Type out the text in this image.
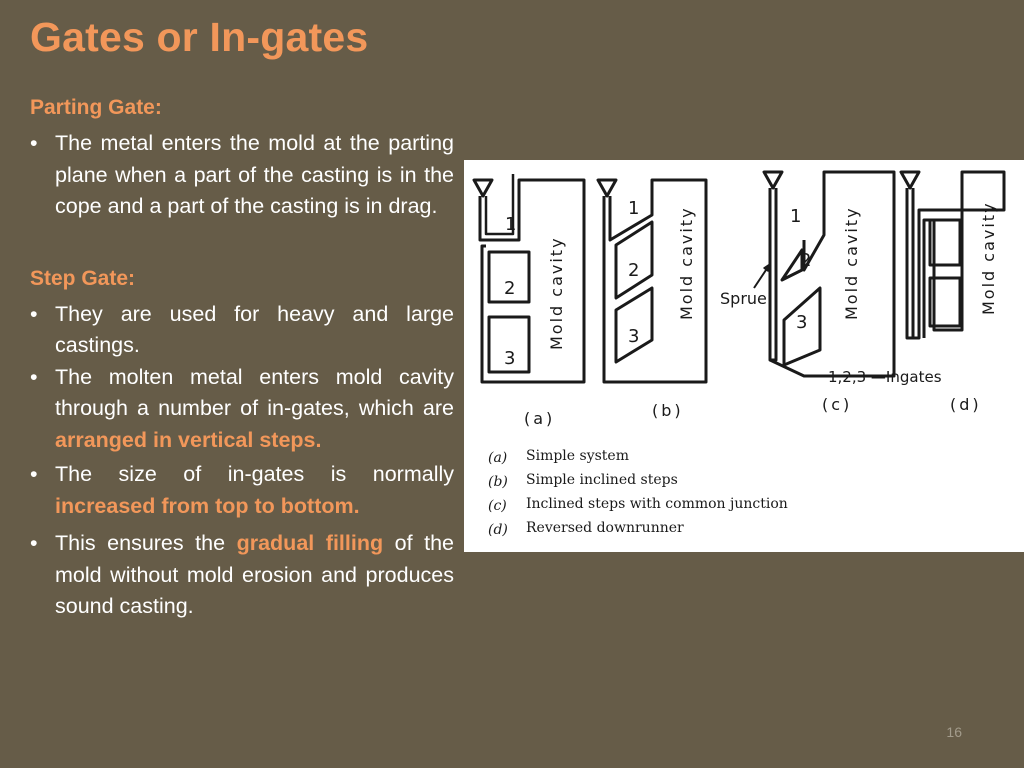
Gates or In-gates

Parting Gate:

• The metal enters the mold at the parting plane when a part of the casting is in the cope and a part of the casting is in drag.

Step Gate:

• They are used for heavy and large castings.
• The molten metal enters mold cavity through a number of in-gates, which are arranged in vertical steps.
• The size of in-gates is normally increased from top to bottom.
• This ensures the gradual filling of the mold without mold erosion and produces sound casting.
1
2
3
1
2
3
1
2
3
Mold cavity	Mold cavity	Mold cavity	Mold cavity
Sprue
1,2,3 —Ingates
(a)	(b)	(c)	(d)
(a) Simple system
(b) Simple inclined steps
(c) Inclined steps with common junction
(d) Reversed downrunner
16
